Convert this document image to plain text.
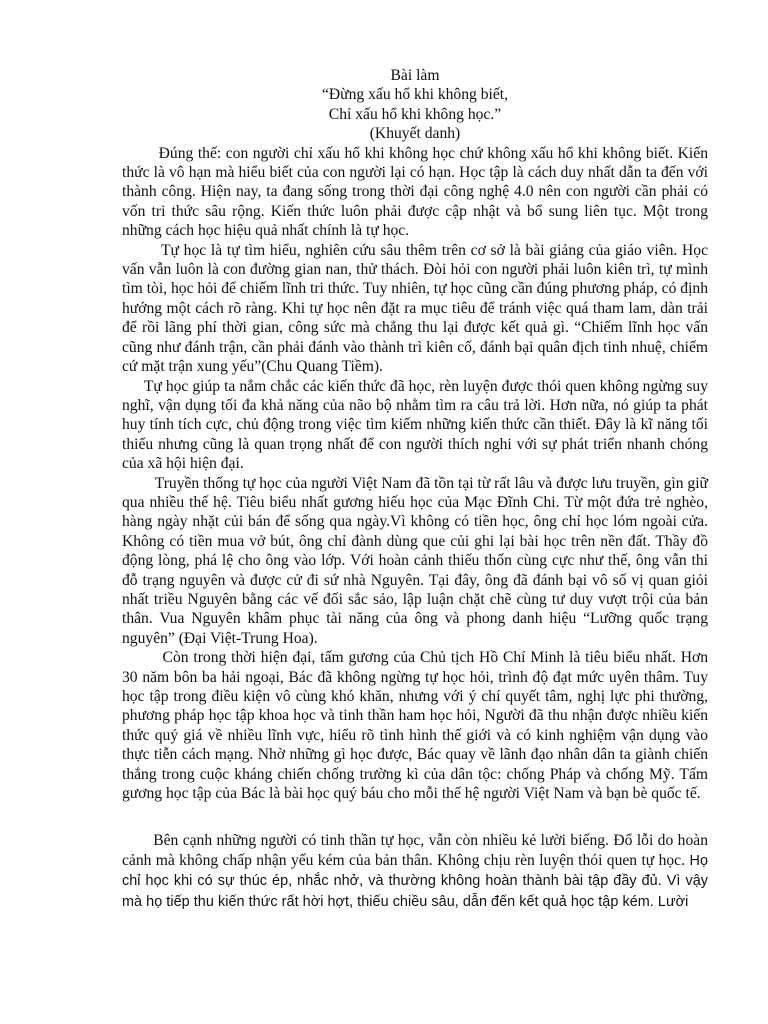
Bài làm

“Đừng xấu hổ khi không biết,

Chỉ xấu hổ khi không học.”

(Khuyết danh)

Đúng thế: con người chỉ xấu hổ khi không học chứ không xấu hổ khi không biết. Kiến thức là vô hạn mà hiểu biết của con người lại có hạn. Học tập là cách duy nhất dẫn ta đến với thành công. Hiện nay, ta đang sống trong thời đại công nghệ 4.0 nên con người cần phải có vốn tri thức sâu rộng. Kiến thức luôn phải được cập nhật và bổ sung liên tục. Một trong những cách học hiệu quả nhất chính là tự học.

Tự học là tự tìm hiểu, nghiên cứu sâu thêm trên cơ sở là bài giảng của giáo viên. Học vấn vẫn luôn là con đường gian nan, thử thách. Đòi hỏi con người phải luôn kiên trì, tự mình tìm tòi, học hỏi để chiếm lĩnh tri thức. Tuy nhiên, tự học cũng cần đúng phương pháp, có định hướng một cách rõ ràng. Khi tự học nên đặt ra mục tiêu để tránh việc quá tham lam, dàn trải để rồi lãng phí thời gian, công sức mà chẳng thu lại được kết quả gì. “Chiếm lĩnh học vấn cũng như đánh trận, cần phải đánh vào thành trì kiên cố, đánh bại quân địch tinh nhuệ, chiếm cứ mặt trận xung yếu”(Chu Quang Tiềm).

Tự học giúp ta nắm chắc các kiến thức đã học, rèn luyện được thói quen không ngừng suy nghĩ, vận dụng tối đa khả năng của não bộ nhằm tìm ra câu trả lời. Hơn nữa, nó giúp ta phát huy tính tích cực, chủ động trong việc tìm kiếm những kiến thức cần thiết. Đây là kĩ năng tối thiểu nhưng cũng là quan trọng nhất để con người thích nghi với sự phát triển nhanh chóng của xã hội hiện đại.

Truyền thống tự học của người Việt Nam đã tồn tại từ rất lâu và được lưu truyền, gìn giữ qua nhiều thế hệ. Tiêu biểu nhất gương hiếu học của Mạc Đĩnh Chi. Từ một đứa trẻ nghèo, hàng ngày nhặt củi bán để sống qua ngày.Vì không có tiền học, ông chỉ học lóm ngoài cửa. Không có tiền mua vở bút, ông chỉ đành dùng que củi ghi lại bài học trên nền đất. Thầy đồ động lòng, phá lệ cho ông vào lớp. Với hoàn cảnh thiếu thốn cùng cực như thế, ông vẫn thi đỗ trạng nguyên và được cử đi sứ nhà Nguyên. Tại đây, ông đã đánh bại vô số vị quan giỏi nhất triều Nguyên bằng các vế đối sắc sảo, lập luận chặt chẽ cùng tư duy vượt trội của bản thân. Vua Nguyên khâm phục tài năng của ông và phong danh hiệu “Lưỡng quốc trạng nguyên” (Đại Việt-Trung Hoa).

Còn trong thời hiện đại, tấm gương của Chủ tịch Hồ Chí Minh là tiêu biểu nhất. Hơn 30 năm bôn ba hải ngoại, Bác đã không ngừng tự học hỏi, trình độ đạt mức uyên thâm. Tuy học tập trong điều kiện vô cùng khó khăn, nhưng với ý chí quyết tâm, nghị lực phi thường, phương pháp học tập khoa học và tinh thần ham học hỏi, Người đã thu nhận được nhiều kiến thức quý giá về nhiều lĩnh vực, hiểu rõ tình hình thế giới và có kinh nghiệm vận dụng vào thực tiễn cách mạng. Nhờ những gì học được, Bác quay về lãnh đạo nhân dân ta giành chiến thắng trong cuộc kháng chiến chống trường kì của dân tộc: chống Pháp và chống Mỹ. Tấm gương học tập của Bác là bài học quý báu cho mỗi thế hệ người Việt Nam và bạn bè quốc tế.

Bên cạnh những người có tinh thần tự học, vẫn còn nhiều kẻ lười biếng. Đổ lỗi do hoàn cảnh mà không chấp nhận yếu kém của bản thân. Không chịu rèn luyện thói quen tự học. Họ chỉ học khi có sự thúc ép, nhắc nhở, và thường không hoàn thành bài tập đầy đủ. Vì vậy mà họ tiếp thu kiến thức rất hời hợt, thiếu chiều sâu, dẫn đến kết quả học tập kém. Lười
